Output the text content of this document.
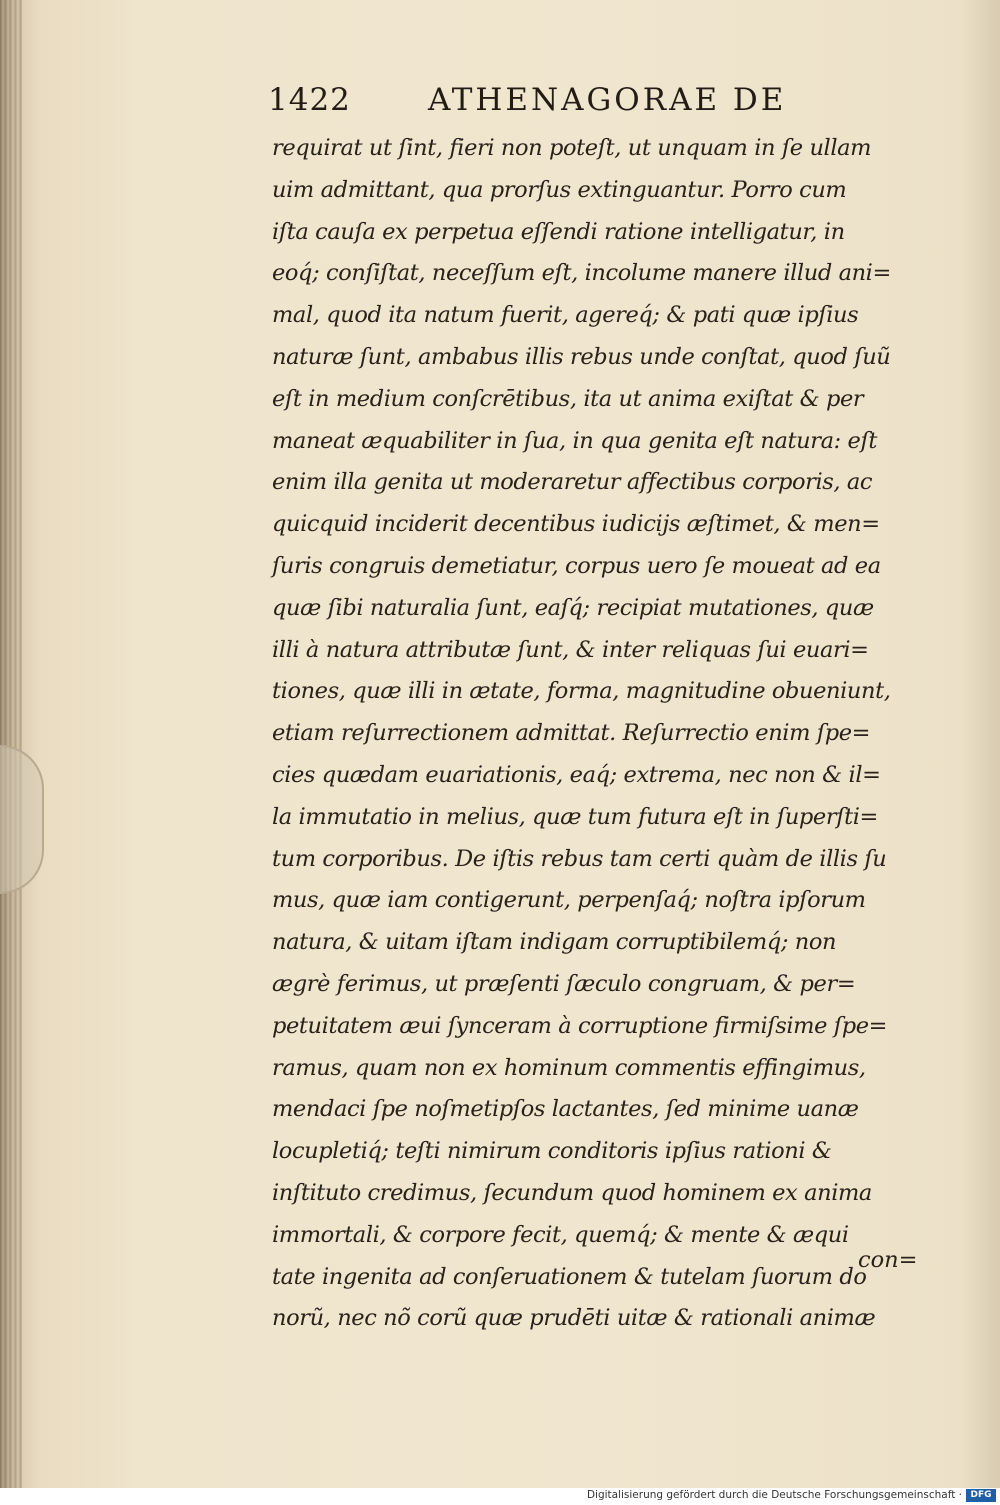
1422 ATHENAGORAE DE
requirat ut ſint, fieri non poteſt, ut unquam in ſe ullam
uim admittant, qua prorſus extinguantur. Porro cum
iſta cauſa ex perpetua eſſendi ratione intelligatur, in
eoq́; conſiſtat, neceſſum eſt, incolume manere illud ani=
mal, quod ita natum fuerit, agereq́; & pati quæ ipſius
naturæ ſunt, ambabus illis rebus unde conſtat, quod ſuũ
eſt in medium conſcrētibus, ita ut anima exiſtat & per
maneat æquabiliter in ſua, in qua genita eſt natura: eſt
enim illa genita ut moderaretur affectibus corporis, ac
quicquid inciderit decentibus iudicijs æſtimet, & men=
ſuris congruis demetiatur, corpus uero ſe moueat ad ea
quæ ſibi naturalia ſunt, eaſq́; recipiat mutationes, quæ
illi à natura attributæ ſunt, & inter reliquas ſui euari=
tiones, quæ illi in ætate, forma, magnitudine obueniunt,
etiam reſurrectionem admittat. Reſurrectio enim ſpe=
cies quædam euariationis, eaq́; extrema, nec non & il=
la immutatio in melius, quæ tum futura eſt in ſuperſti=
tum corporibus. De iſtis rebus tam certi quàm de illis ſu
mus, quæ iam contigerunt, perpenſaq́; noſtra ipſorum
natura, & uitam iſtam indigam corruptibilemq́; non
ægrè ferimus, ut præſenti ſæculo congruam, & per=
petuitatem æui ſynceram à corruptione firmiſsime ſpe=
ramus, quam non ex hominum commentis effingimus,
mendaci ſpe noſmetipſos lactantes, ſed minime uanæ
locupletiq́; teſti nimirum conditoris ipſius rationi &
inſtituto credimus, ſecundum quod hominem ex anima
immortali, & corpore fecit, quemq́; & mente & æqui
tate ingenita ad conſeruationem & tutelam ſuorum do
norũ, nec nõ corũ quæ prudēti uitæ & rationali animæ
con=
Digitalisierung gefördert durch die Deutsche Forschungsgemeinschaft · DFG
